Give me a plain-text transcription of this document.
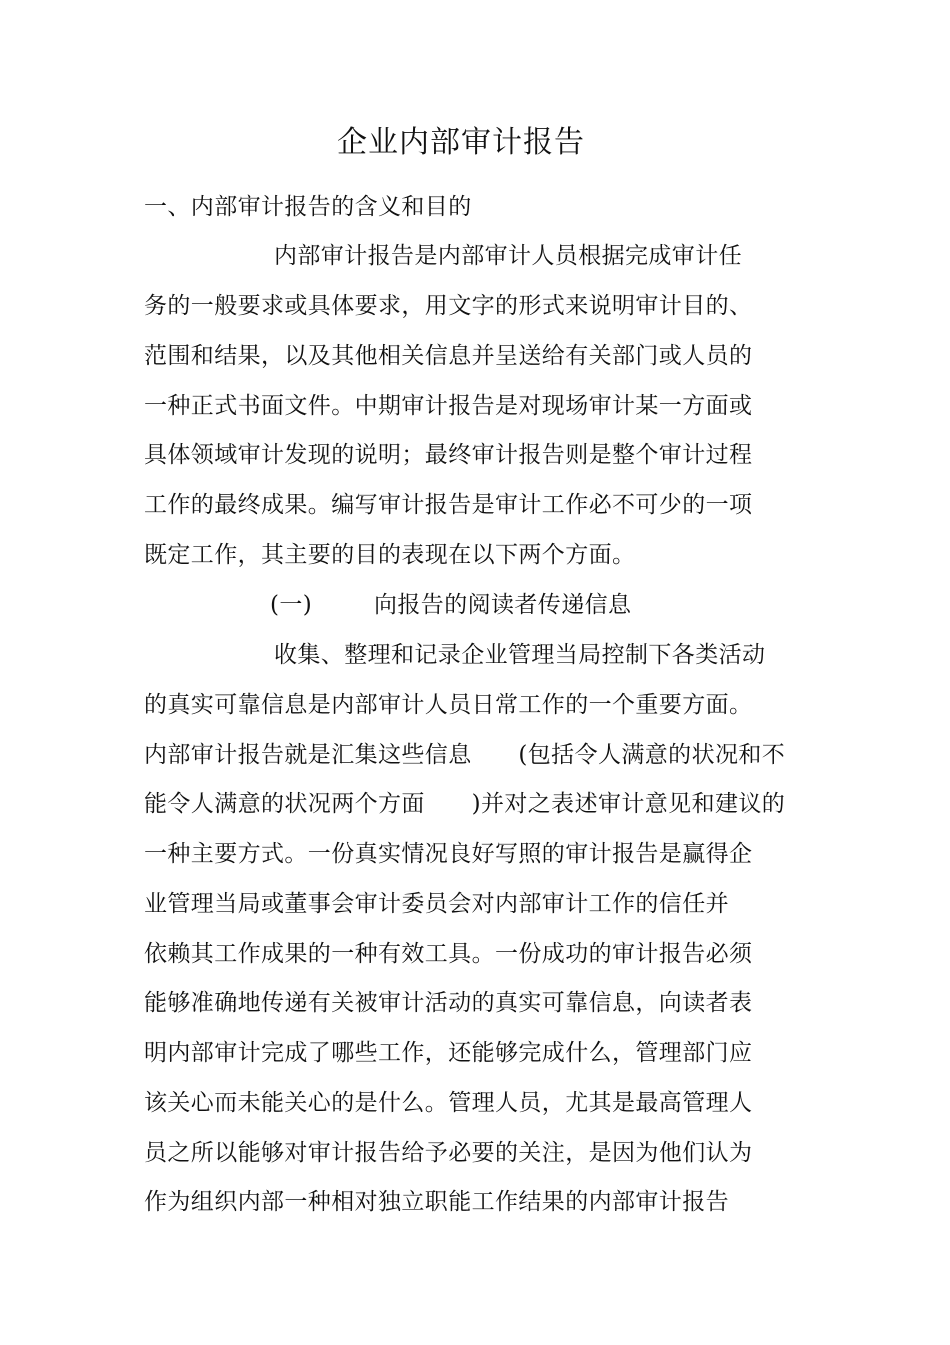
企业内部审计报告
一、内部审计报告的含义和目的
内部审计报告是内部审计人员根据完成审计任
务的一般要求或具体要求，用文字的形式来说明审计目的、
范围和结果，以及其他相关信息并呈送给有关部门或人员的
一种正式书面文件。中期审计报告是对现场审计某一方面或
具体领域审计发现的说明；最终审计报告则是整个审计过程
工作的最终成果。编写审计报告是审计工作必不可少的一项
既定工作，其主要的目的表现在以下两个方面。
(一)	向报告的阅读者传递信息
收集、整理和记录企业管理当局控制下各类活动
的真实可靠信息是内部审计人员日常工作的一个重要方面。
内部审计报告就是汇集这些信息　　(包括令人满意的状况和不
能令人满意的状况两个方面　　)并对之表述审计意见和建议的
一种主要方式。一份真实情况良好写照的审计报告是赢得企
业管理当局或董事会审计委员会对内部审计工作的信任并
依赖其工作成果的一种有效工具。一份成功的审计报告必须
能够准确地传递有关被审计活动的真实可靠信息，向读者表
明内部审计完成了哪些工作，还能够完成什么，管理部门应
该关心而未能关心的是什么。管理人员，尤其是最高管理人
员之所以能够对审计报告给予必要的关注，是因为他们认为
作为组织内部一种相对独立职能工作结果的内部审计报告
